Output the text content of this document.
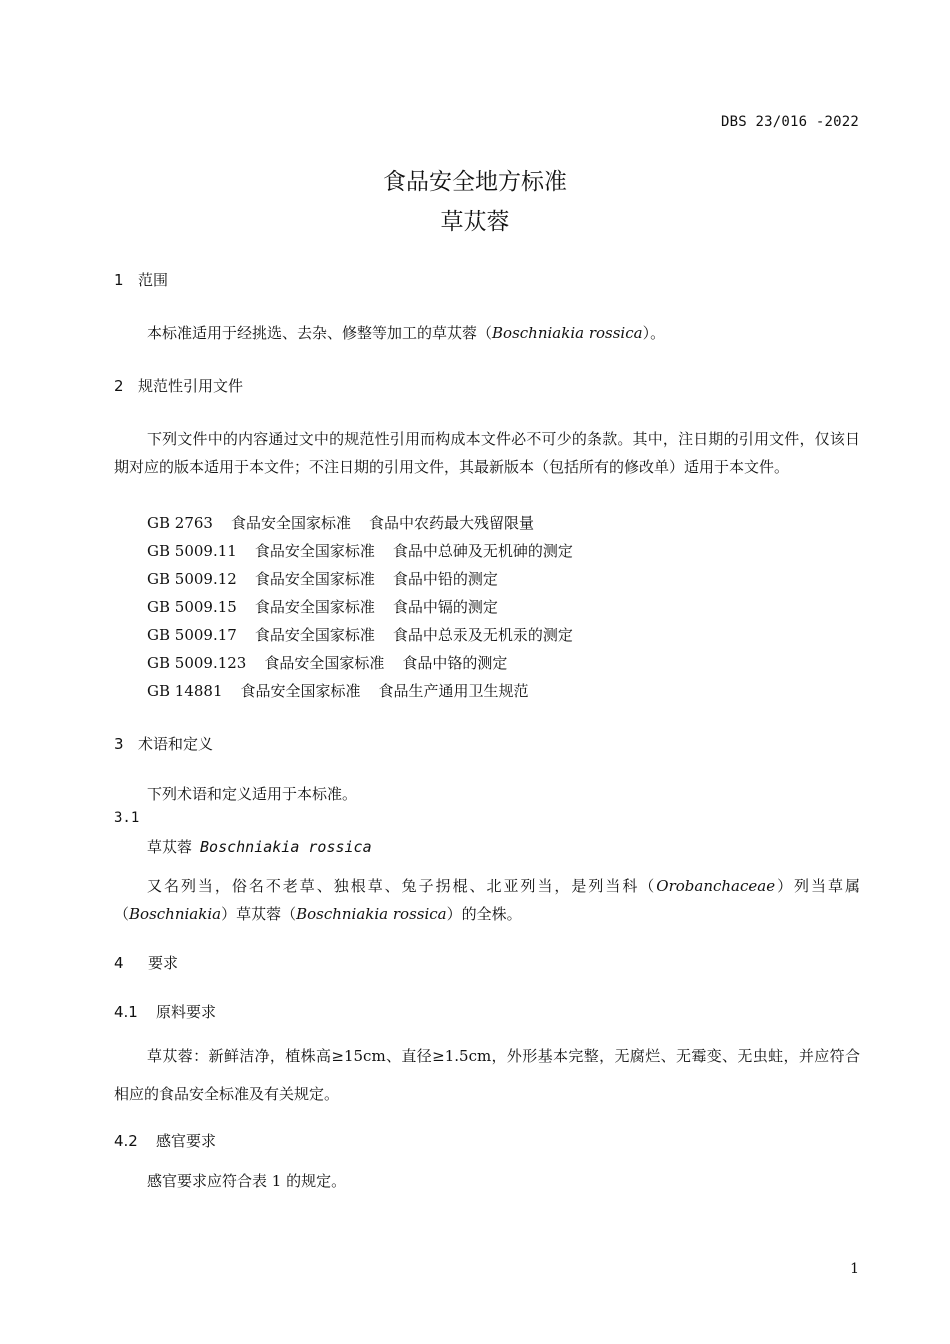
DBS 23/016 -2022
食品安全地方标准
草苁蓉
1 范围
本标准适用于经挑选、去杂、修整等加工的草苁蓉（Boschniakia rossica）。
2 规范性引用文件
下列文件中的内容通过文中的规范性引用而构成本文件必不可少的条款。其中，注日期的引用文件，仅该日期对应的版本适用于本文件；不注日期的引用文件，其最新版本（包括所有的修改单）适用于本文件。
GB 2763 食品安全国家标准 食品中农药最大残留限量
GB 5009.11 食品安全国家标准 食品中总砷及无机砷的测定
GB 5009.12 食品安全国家标准 食品中铅的测定
GB 5009.15 食品安全国家标准 食品中镉的测定
GB 5009.17 食品安全国家标准 食品中总汞及无机汞的测定
GB 5009.123 食品安全国家标准 食品中铬的测定
GB 14881 食品安全国家标准 食品生产通用卫生规范
3 术语和定义
下列术语和定义适用于本标准。
3.1
草苁蓉 Boschniakia rossica
又名列当，俗名不老草、独根草、兔子拐棍、北亚列当，是列当科（Orobanchaceae）列当草属（Boschniakia）草苁蓉（Boschniakia rossica）的全株。
4 要求
4.1 原料要求
草苁蓉：新鲜洁净，植株高≥15cm、直径≥1.5cm，外形基本完整，无腐烂、无霉变、无虫蛀，并应符合相应的食品安全标准及有关规定。
4.2 感官要求
感官要求应符合表 1 的规定。
1
